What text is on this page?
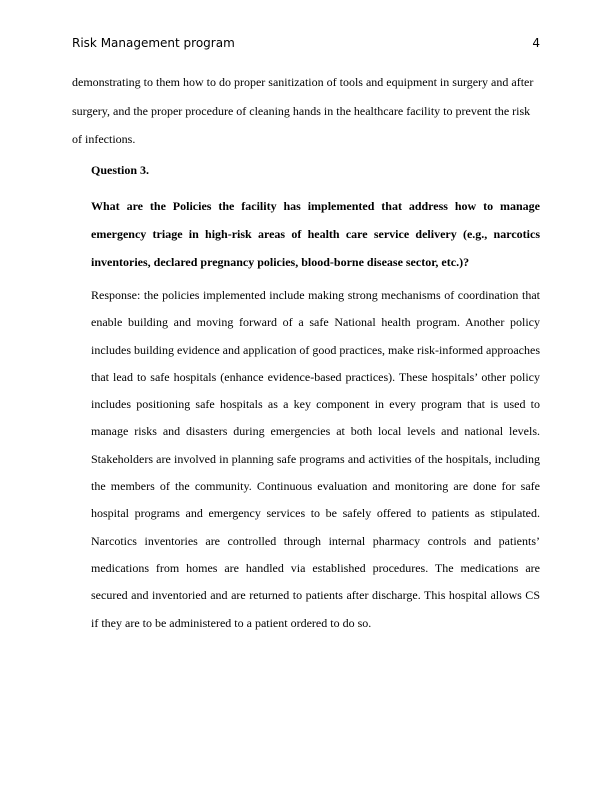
Risk Management program	4

demonstrating to them how to do proper sanitization of tools and equipment in surgery and after surgery, and the proper procedure of cleaning hands in the healthcare facility to prevent the risk of infections.

Question 3.

What are the Policies the facility has implemented that address how to manage emergency triage in high-risk areas of health care service delivery (e.g., narcotics inventories, declared pregnancy policies, blood-borne disease sector, etc.)?

Response: the policies implemented include making strong mechanisms of coordination that enable building and moving forward of a safe National health program. Another policy includes building evidence and application of good practices, make risk-informed approaches that lead to safe hospitals (enhance evidence-based practices). These hospitals’ other policy includes positioning safe hospitals as a key component in every program that is used to manage risks and disasters during emergencies at both local levels and national levels. Stakeholders are involved in planning safe programs and activities of the hospitals, including the members of the community. Continuous evaluation and monitoring are done for safe hospital programs and emergency services to be safely offered to patients as stipulated. Narcotics inventories are controlled through internal pharmacy controls and patients’ medications from homes are handled via established procedures. The medications are secured and inventoried and are returned to patients after discharge. This hospital allows CS if they are to be administered to a patient ordered to do so.
